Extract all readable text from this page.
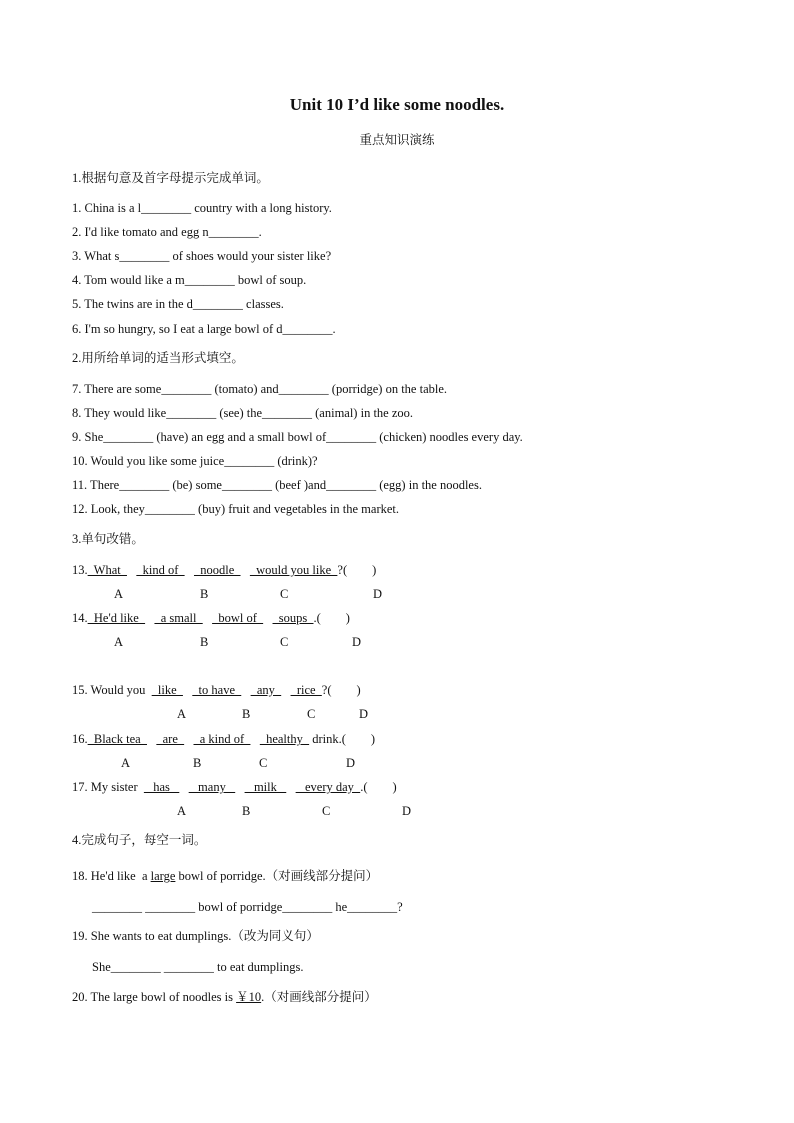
Unit 10 I’d like some noodles.
重点知识演练
1.根据句意及首字母提示完成单词。
1. China is a l________ country with a long history.
2. I'd like tomato and egg n________.
3. What s________ of shoes would your sister like?
4. Tom would like a m________ bowl of soup.
5. The twins are in the d________ classes.
6. I'm so hungry, so I eat a large bowl of d________.
2.用所给单词的适当形式填空。
7. There are some________ (tomato) and________ (porridge) on the table.
8. They would like________ (see) the________ (animal) in the zoo.
9. She________ (have) an egg and a small bowl of________ (chicken) noodles every day.
10. Would you like some juice________ (drink)?
11. There________ (be) some________ (beef )and________ (egg) in the noodles.
12. Look, they________ (buy) fruit and vegetables in the market.
3.单句改错。
13.  What       kind of       noodle       would you like  ?(        )
A	B	C	D
14.  He'd like       a small       bowl of       soups  .(        )
A	B	C	D
15. Would you    like       to have       any       rice  ?(        )
A	B	C	D
16.  Black tea       are       a kind of       healthy   drink.(        )
A	B	C	D
17. My sister     has         many         milk         every day  .(        )
A	B	C	D
4.完成句子，每空一词。
18. He'd like  a large bowl of porridge.（对画线部分提问）
________ ________ bowl of porridge________ he________?
19. She wants to eat dumplings.（改为同义句）
She________ ________ to eat dumplings.
20. The large bowl of noodles is ￥10.（对画线部分提问）
